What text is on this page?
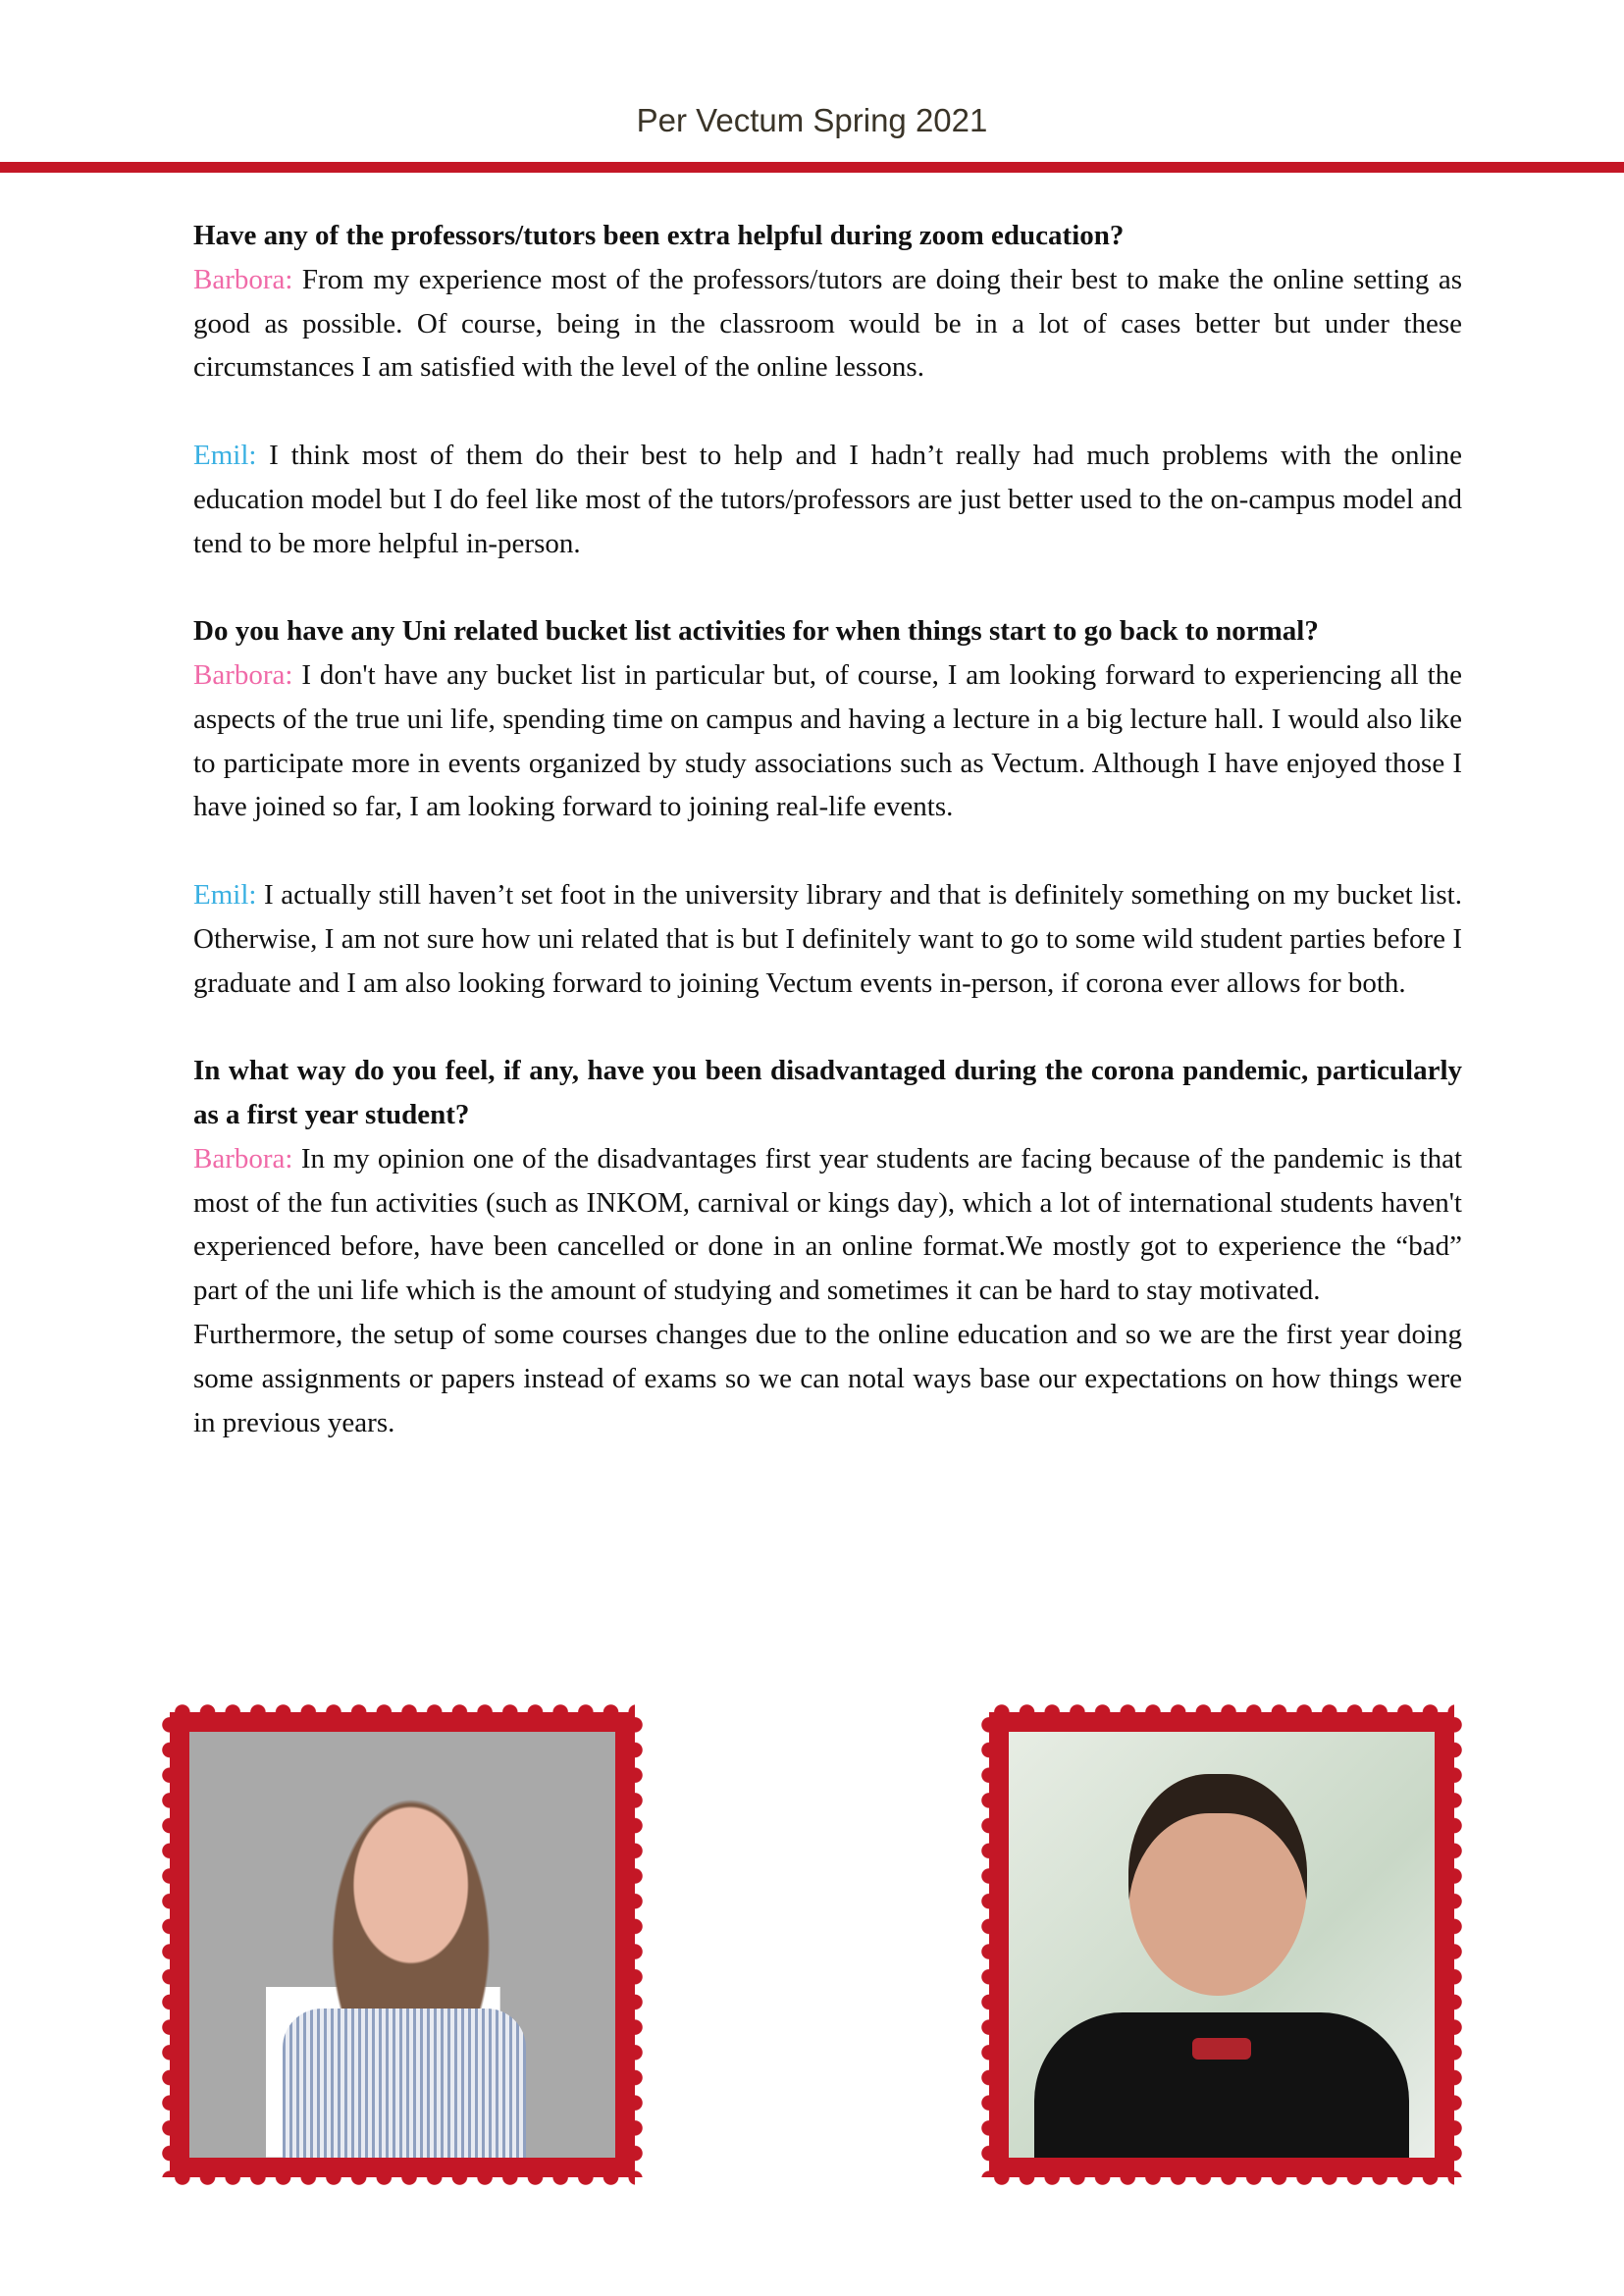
Per Vectum Spring 2021

Have any of the professors/tutors been extra helpful during zoom education?

Barbora: From my experience most of the professors/tutors are doing their best to make the online setting as good as possible. Of course, being in the classroom would be in a lot of cases better but under these circumstances I am satisfied with the level of the online lessons.

Emil: I think most of them do their best to help and I hadn’t really had much problems with the online education model but I do feel like most of the tutors/professors are just better used to the on-campus model and tend to be more helpful in-person.

Do you have any Uni related bucket list activities for when things start to go back to normal?

Barbora: I don't have any bucket list in particular but, of course, I am looking forward to experiencing all the aspects of the true uni life, spending time on campus and having a lecture in a big lecture hall. I would also like to participate more in events organized by study associations such as Vectum. Although I have enjoyed those I have joined so far, I am looking forward to joining real-life events.

Emil: I actually still haven’t set foot in the university library and that is definitely something on my bucket list. Otherwise, I am not sure how uni related that is but I definitely want to go to some wild student parties before I graduate and I am also looking forward to joining Vectum events in-person, if corona ever allows for both.

In what way do you feel, if any, have you been disadvantaged during the corona pandemic, particularly as a first year student?

Barbora: In my opinion one of the disadvantages first year students are facing because of the pandemic is that most of the fun activities (such as INKOM, carnival or kings day), which a lot of international students haven't experienced before, have been cancelled or done in an online format.We mostly got to experience the “bad” part of the uni life which is the amount of studying and sometimes it can be hard to stay motivated.

Furthermore, the setup of some courses changes due to the online education and so we are the first year doing some assignments or papers instead of exams so we can notal ways base our expectations on how things were in previous years.
